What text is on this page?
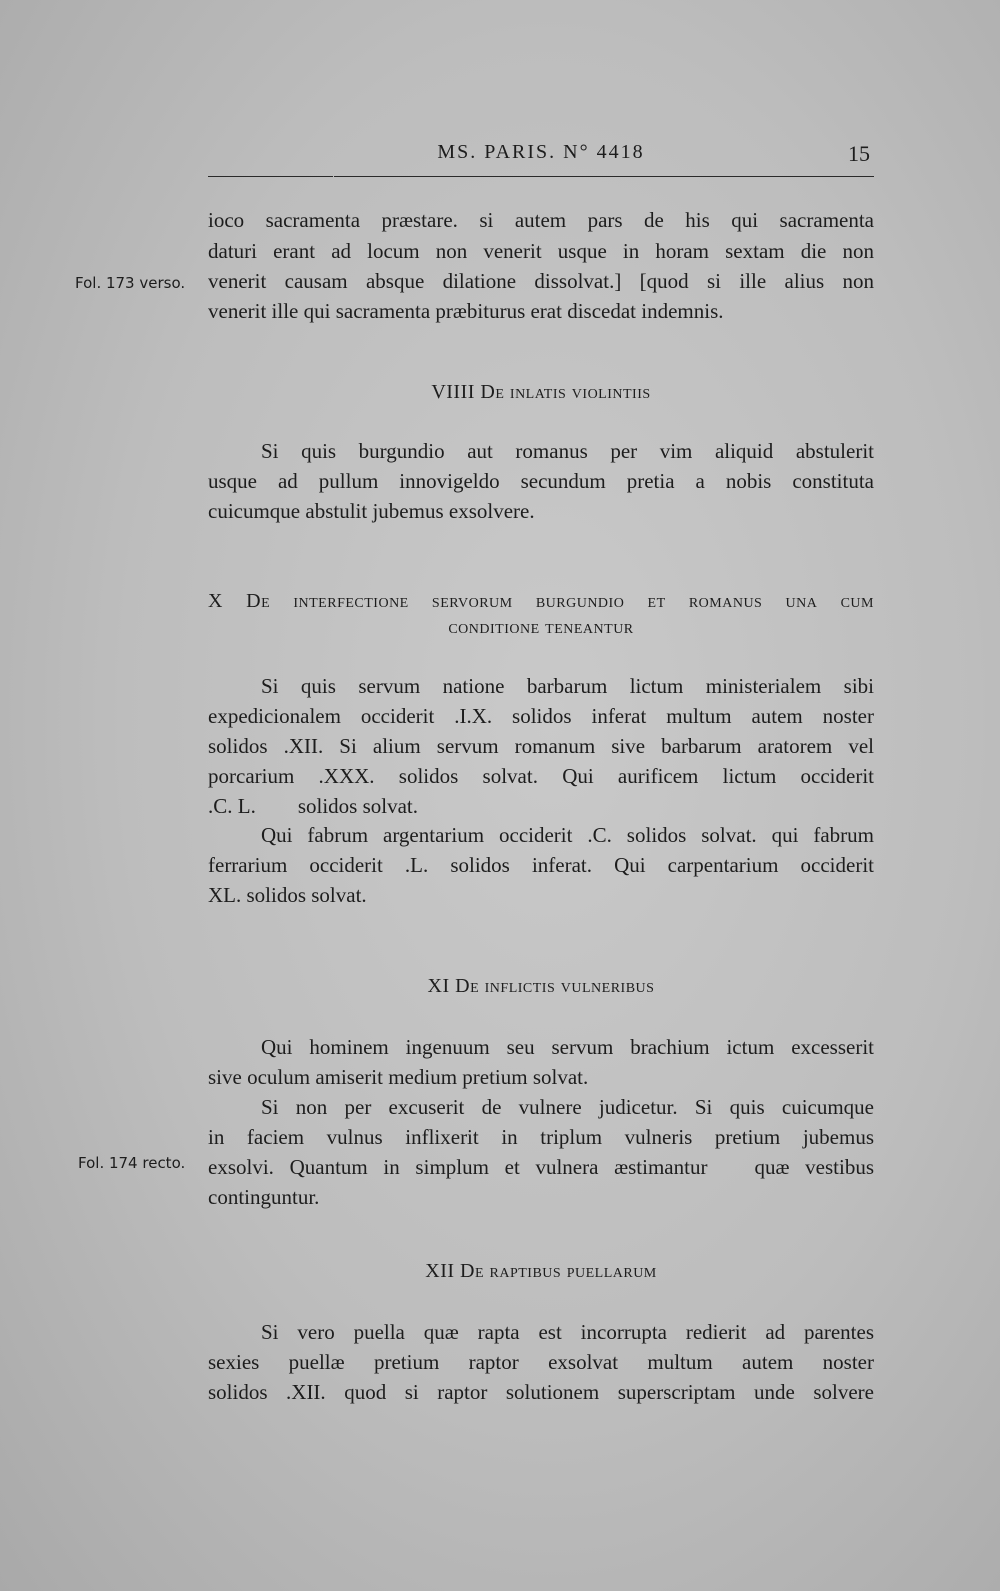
MS. PARIS. N° 4418	15
Fol. 173 verso.
Fol. 174 recto.
ioco sacramenta præstare. si autem pars de his qui sacramenta
daturi erant ad locum non venerit usque in horam sextam die non
venerit causam absque dilatione dissolvat.] [quod si ille alius non
venerit ille qui sacramenta præbiturus erat discedat indemnis.
VIIII De inlatis violintiis
Si quis burgundio aut romanus per vim aliquid abstulerit
usque ad pullum innovigeldo secundum pretia a nobis constituta
cuicumque abstulit jubemus exsolvere.
X De interfectione servorum burgundio et romanus una cum
conditione teneantur
Si quis servum natione barbarum lictum ministerialem sibi
expedicionalem occiderit .I.X. solidos inferat multum autem noster
solidos .XII. Si alium servum romanum sive barbarum aratorem vel
porcarium .XXX. solidos solvat. Qui aurificem lictum occiderit
.C. L.        solidos solvat.
Qui fabrum argentarium occiderit .C. solidos solvat. qui fabrum
ferrarium occiderit .L. solidos inferat. Qui carpentarium occiderit
XL. solidos solvat.
XI De inflictis vulneribus
Qui hominem ingenuum seu servum brachium ictum excesserit
sive oculum amiserit medium pretium solvat.
Si non per excuserit de vulnere judicetur. Si quis cuicumque
in faciem vulnus inflixerit in triplum vulneris pretium jubemus
exsolvi. Quantum in simplum et vulnera æstimantur   quæ vestibus
continguntur.
XII De raptibus puellarum
Si vero puella quæ rapta est incorrupta redierit ad parentes
sexies puellæ pretium raptor exsolvat multum autem noster
solidos .XII. quod si raptor solutionem superscriptam unde solvere
